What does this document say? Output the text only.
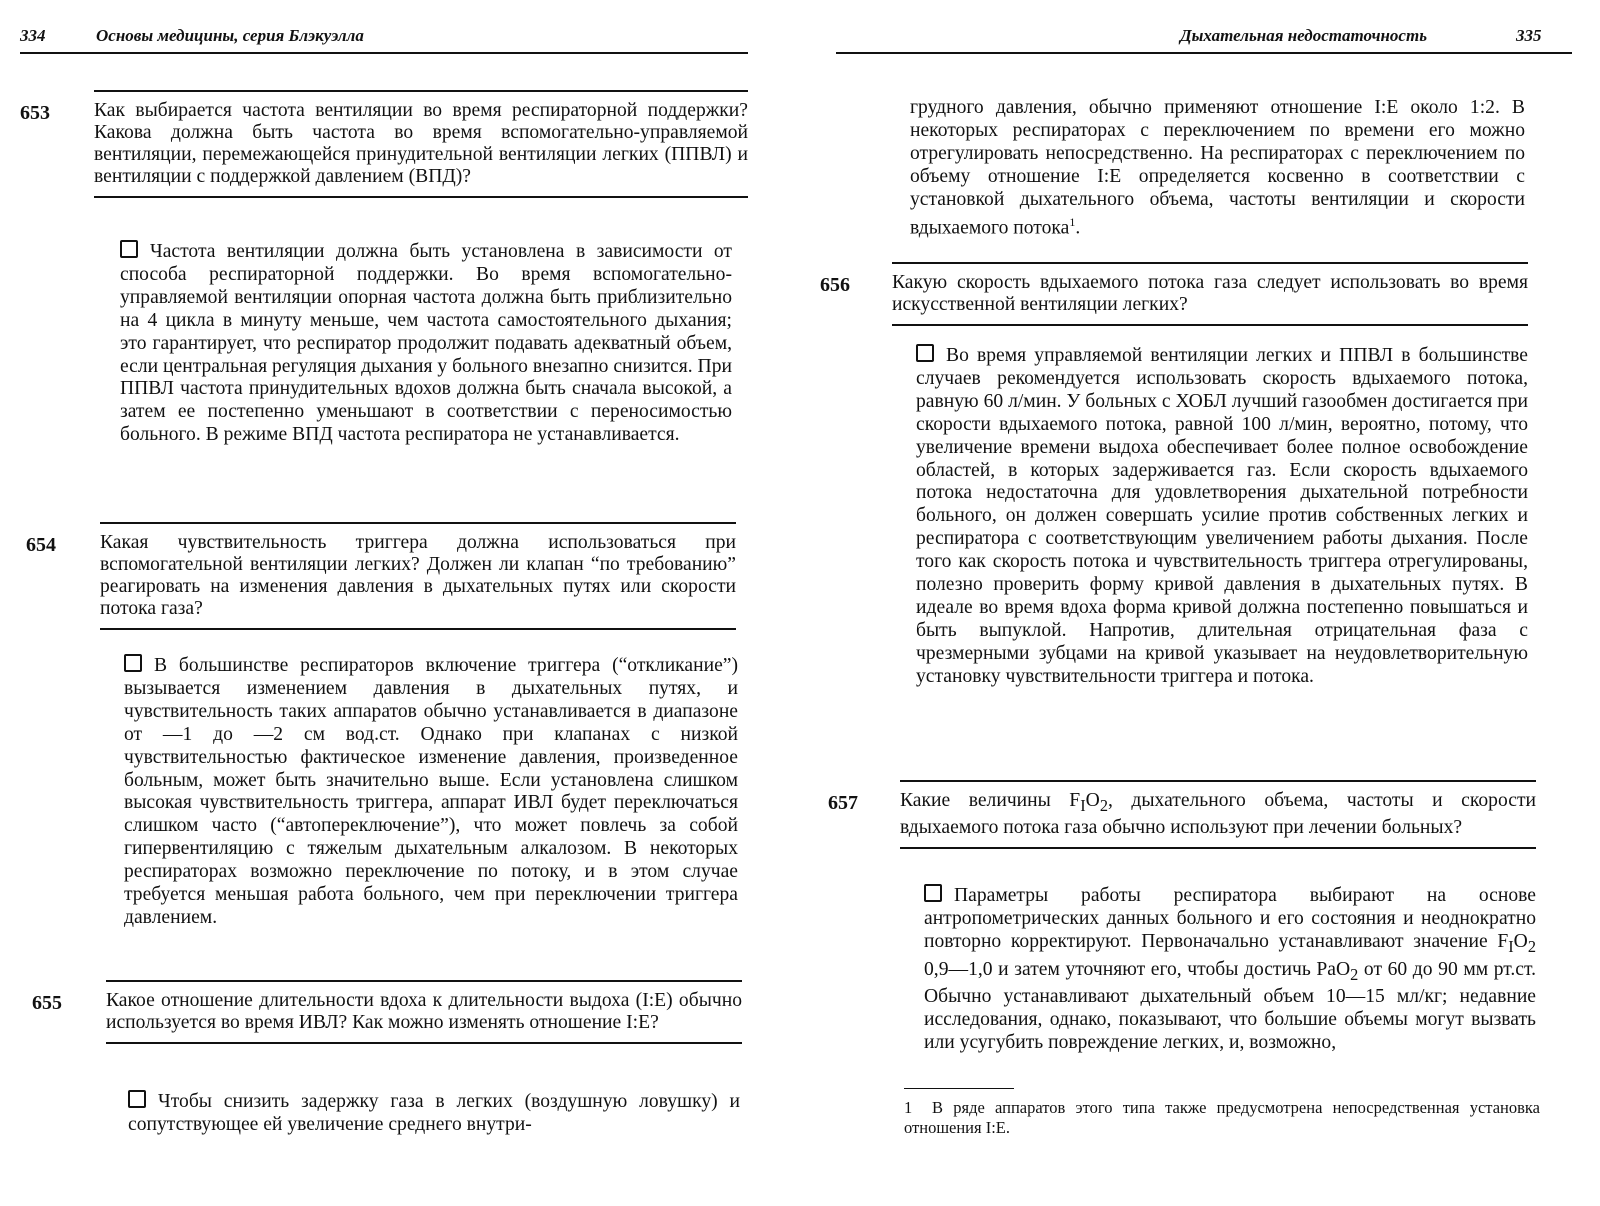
334	Основы медицины, серия Блэкуэлла
653 Как выбирается частота вентиляции во время респираторной поддержки? Какова должна быть частота во время вспомогательно-управляемой вентиляции, перемежающейся принудительной вентиляции легких (ППВЛ) и вентиляции с поддержкой давлением (ВПД)?
Частота вентиляции должна быть установлена в зависимости от способа респираторной поддержки. Во время вспомогательно-управляемой вентиляции опорная частота должна быть приблизительно на 4 цикла в минуту меньше, чем частота самостоятельного дыхания; это гарантирует, что респиратор продолжит подавать адекватный объем, если центральная регуляция дыхания у больного внезапно снизится. При ППВЛ частота принудительных вдохов должна быть сначала высокой, а затем ее постепенно уменьшают в соответствии с переносимостью больного. В режиме ВПД частота респиратора не устанавливается.
654 Какая чувствительность триггера должна использоваться при вспомогательной вентиляции легких? Должен ли клапан “по требованию” реагировать на изменения давления в дыхательных путях или скорости потока газа?
В большинстве респираторов включение триггера (“откликание”) вызывается изменением давления в дыхательных путях, и чувствительность таких аппаратов обычно устанавливается в диапазоне от —1 до —2 см вод.ст. Однако при клапанах с низкой чувствительностью фактическое изменение давления, произведенное больным, может быть значительно выше. Если установлена слишком высокая чувствительность триггера, аппарат ИВЛ будет переключаться слишком часто (“автопереключение”), что может повлечь за собой гипервентиляцию с тяжелым дыхательным алкалозом. В некоторых респираторах возможно переключение по потоку, и в этом случае требуется меньшая работа больного, чем при переключении триггера давлением.
655 Какое отношение длительности вдоха к длительности выдоха (I:E) обычно используется во время ИВЛ? Как можно изменять отношение I:E?
Чтобы снизить задержку газа в легких (воздушную ловушку) и сопутствующее ей увеличение среднего внутри-
Дыхательная недостаточность	335
грудного давления, обычно применяют отношение I:E около 1:2. В некоторых респираторах с переключением по времени его можно отрегулировать непосредственно. На респираторах с переключением по объему отношение I:E определяется косвенно в соответствии с установкой дыхательного объема, частоты вентиляции и скорости вдыхаемого потока$^1$.
656 Какую скорость вдыхаемого потока газа следует использовать во время искусственной вентиляции легких?
Во время управляемой вентиляции легких и ППВЛ в большинстве случаев рекомендуется использовать скорость вдыхаемого потока, равную 60 л/мин. У больных с ХОБЛ лучший газообмен достигается при скорости вдыхаемого потока, равной 100 л/мин, вероятно, потому, что увеличение времени выдоха обеспечивает более полное освобождение областей, в которых задерживается газ. Если скорость вдыхаемого потока недостаточна для удовлетворения дыхательной потребности больного, он должен совершать усилие против собственных легких и респиратора с соответствующим увеличением работы дыхания. После того как скорость потока и чувствительность триггера отрегулированы, полезно проверить форму кривой давления в дыхательных путях. В идеале во время вдоха форма кривой должна постепенно повышаться и быть выпуклой. Напротив, длительная отрицательная фаза с чрезмерными зубцами на кривой указывает на неудовлетворительную установку чувствительности триггера и потока.
657 Какие величины $F_IO_2$, дыхательного объема, частоты и скорости вдыхаемого потока газа обычно используют при лечении больных?
Параметры работы респиратора выбирают на основе антропометрических данных больного и его состояния и неоднократно повторно корректируют. Первоначально устанавливают значение $F_IO_2$ 0,9—1,0 и затем уточняют его, чтобы достичь PaO$_2$ от 60 до 90 мм рт.ст. Обычно устанавливают дыхательный объем 10—15 мл/кг; недавние исследования, однако, показывают, что большие объемы могут вызвать или усугубить повреждение легких, и, возможно,
1 В ряде аппаратов этого типа также предусмотрена непосредственная установка отношения I:E.
